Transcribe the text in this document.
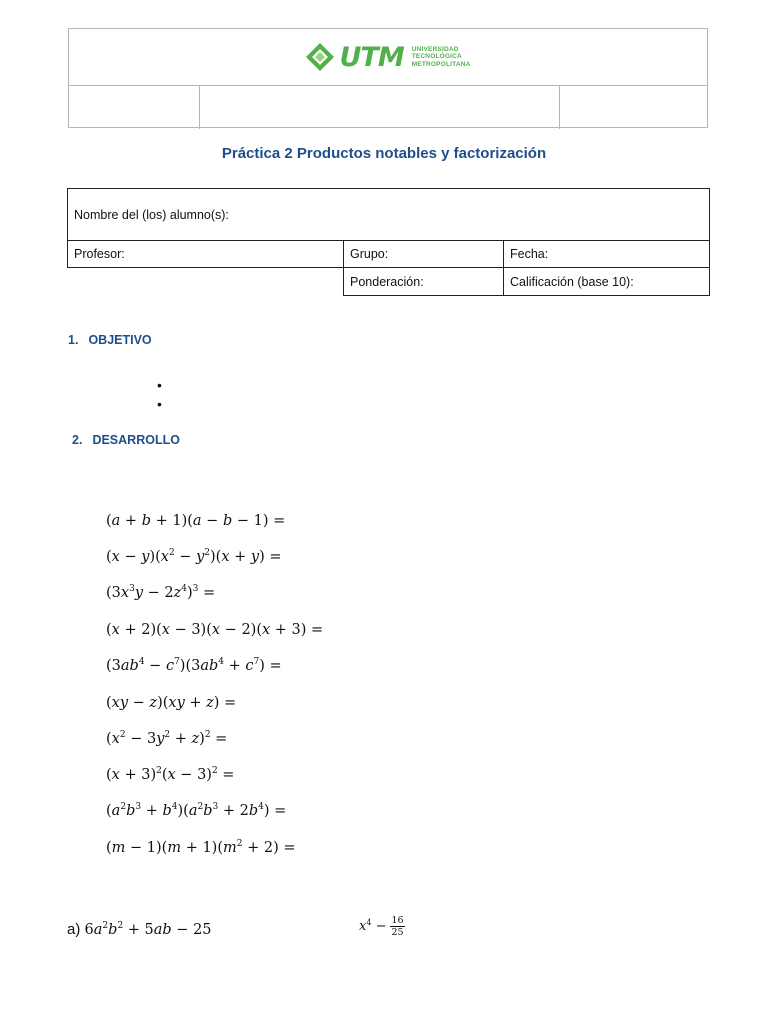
UTM UNIVERSIDAD
TECNOLÓGICA
METROPOLITANA
Práctica 2 Productos notables y factorización
Nombre del (los) alumno(s):		
Profesor:	Grupo:	Fecha:
	Ponderación:	Calificación (base 10):
1. OBJETIVO
•
•
2. DESARROLLO
(a + b + 1)(a − b − 1) =
$(x - y)(x^2 - y^2)(x + y)$ =
$(3x^3y - 2z^4)^3$ =
(x + 2)(x − 3)(x − 2)(x + 3) =
$(3ab^4 - c^7)(3ab^4 + c^7)$ =
(xy − z)(xy + z) =
$(x^2 - 3y^2 + z)^2$ =
$(x + 3)^2(x - 3)^2$ =
$(a^2b^3 + b^4)(a^2b^3 + 2b^4)$ =
$(m - 1)(m + 1)(m^2 + 2)$ =
a) $6a^2b^2 + 5ab - 25$	$x^4 - \frac{16}{25}$
